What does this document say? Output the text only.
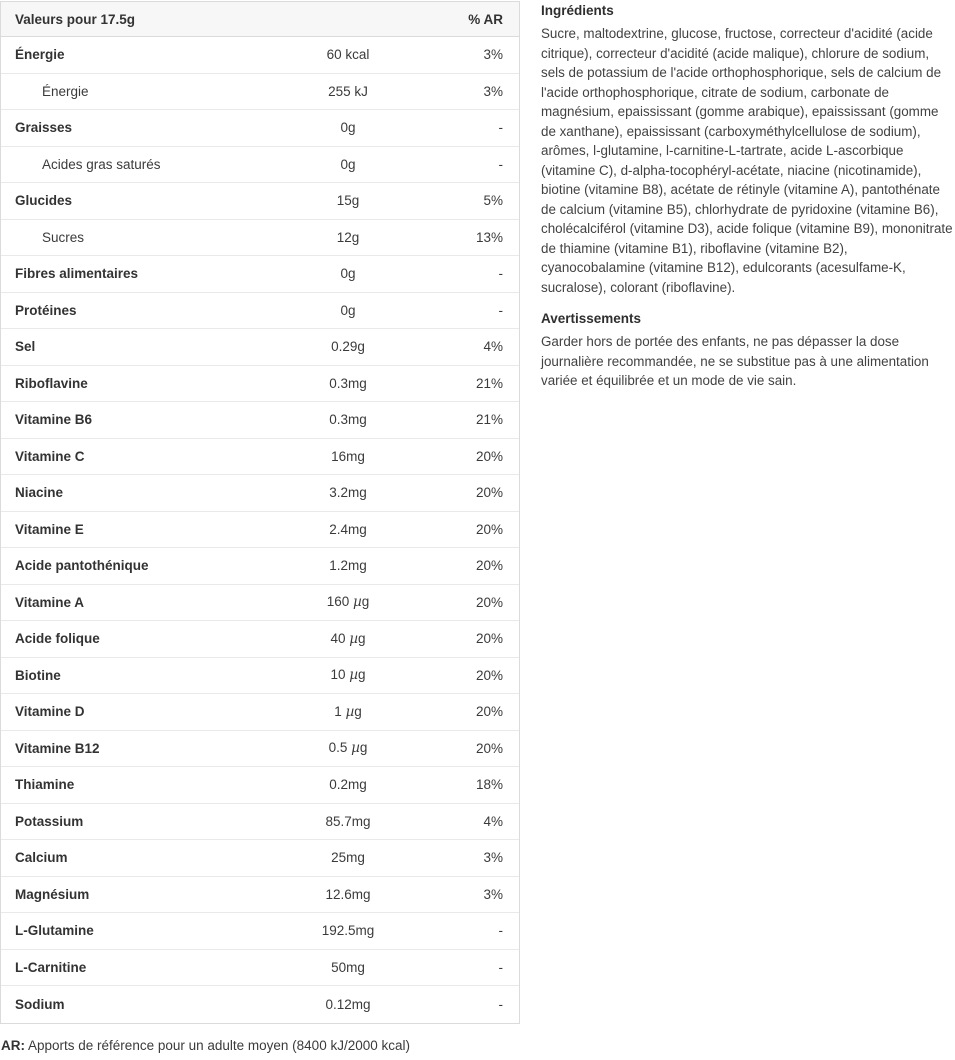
Valeurs pour 17.5g		% AR
Énergie	60 kcal	3%
Énergie	255 kJ	3%
Graisses	0g	-
Acides gras saturés	0g	-
Glucides	15g	5%
Sucres	12g	13%
Fibres alimentaires	0g	-
Protéines	0g	-
Sel	0.29g	4%
Riboflavine	0.3mg	21%
Vitamine B6	0.3mg	21%
Vitamine C	16mg	20%
Niacine	3.2mg	20%
Vitamine E	2.4mg	20%
Acide pantothénique	1.2mg	20%
Vitamine A	160 µg	20%
Acide folique	40 µg	20%
Biotine	10 µg	20%
Vitamine D	1 µg	20%
Vitamine B12	0.5 µg	20%
Thiamine	0.2mg	18%
Potassium	85.7mg	4%
Calcium	25mg	3%
Magnésium	12.6mg	3%
L-Glutamine	192.5mg	-
L-Carnitine	50mg	-
Sodium	0.12mg	-
AR: Apports de référence pour un adulte moyen (8400 kJ/2000 kcal)
Ingrédients

Sucre, maltodextrine, glucose, fructose, correcteur d'acidité (acide citrique), correcteur d'acidité (acide malique), chlorure de sodium, sels de potassium de l'acide orthophosphorique, sels de calcium de l'acide orthophosphorique, citrate de sodium, carbonate de magnésium, epaississant (gomme arabique), epaississant (gomme de xanthane), epaississant (carboxyméthylcellulose de sodium), arômes, l-glutamine, l-carnitine-L-tartrate, acide L-ascorbique (vitamine C), d-alpha-tocophéryl-acétate, niacine (nicotinamide), biotine (vitamine B8), acétate de rétinyle (vitamine A), pantothénate de calcium (vitamine B5), chlorhydrate de pyridoxine (vitamine B6), cholécalciférol (vitamine D3), acide folique (vitamine B9), mononitrate de thiamine (vitamine B1), riboflavine (vitamine B2), cyanocobalamine (vitamine B12), edulcorants (acesulfame-K, sucralose), colorant (riboflavine).

Avertissements

Garder hors de portée des enfants, ne pas dépasser la dose journalière recommandée, ne se substitue pas à une alimentation variée et équilibrée et un mode de vie sain.
